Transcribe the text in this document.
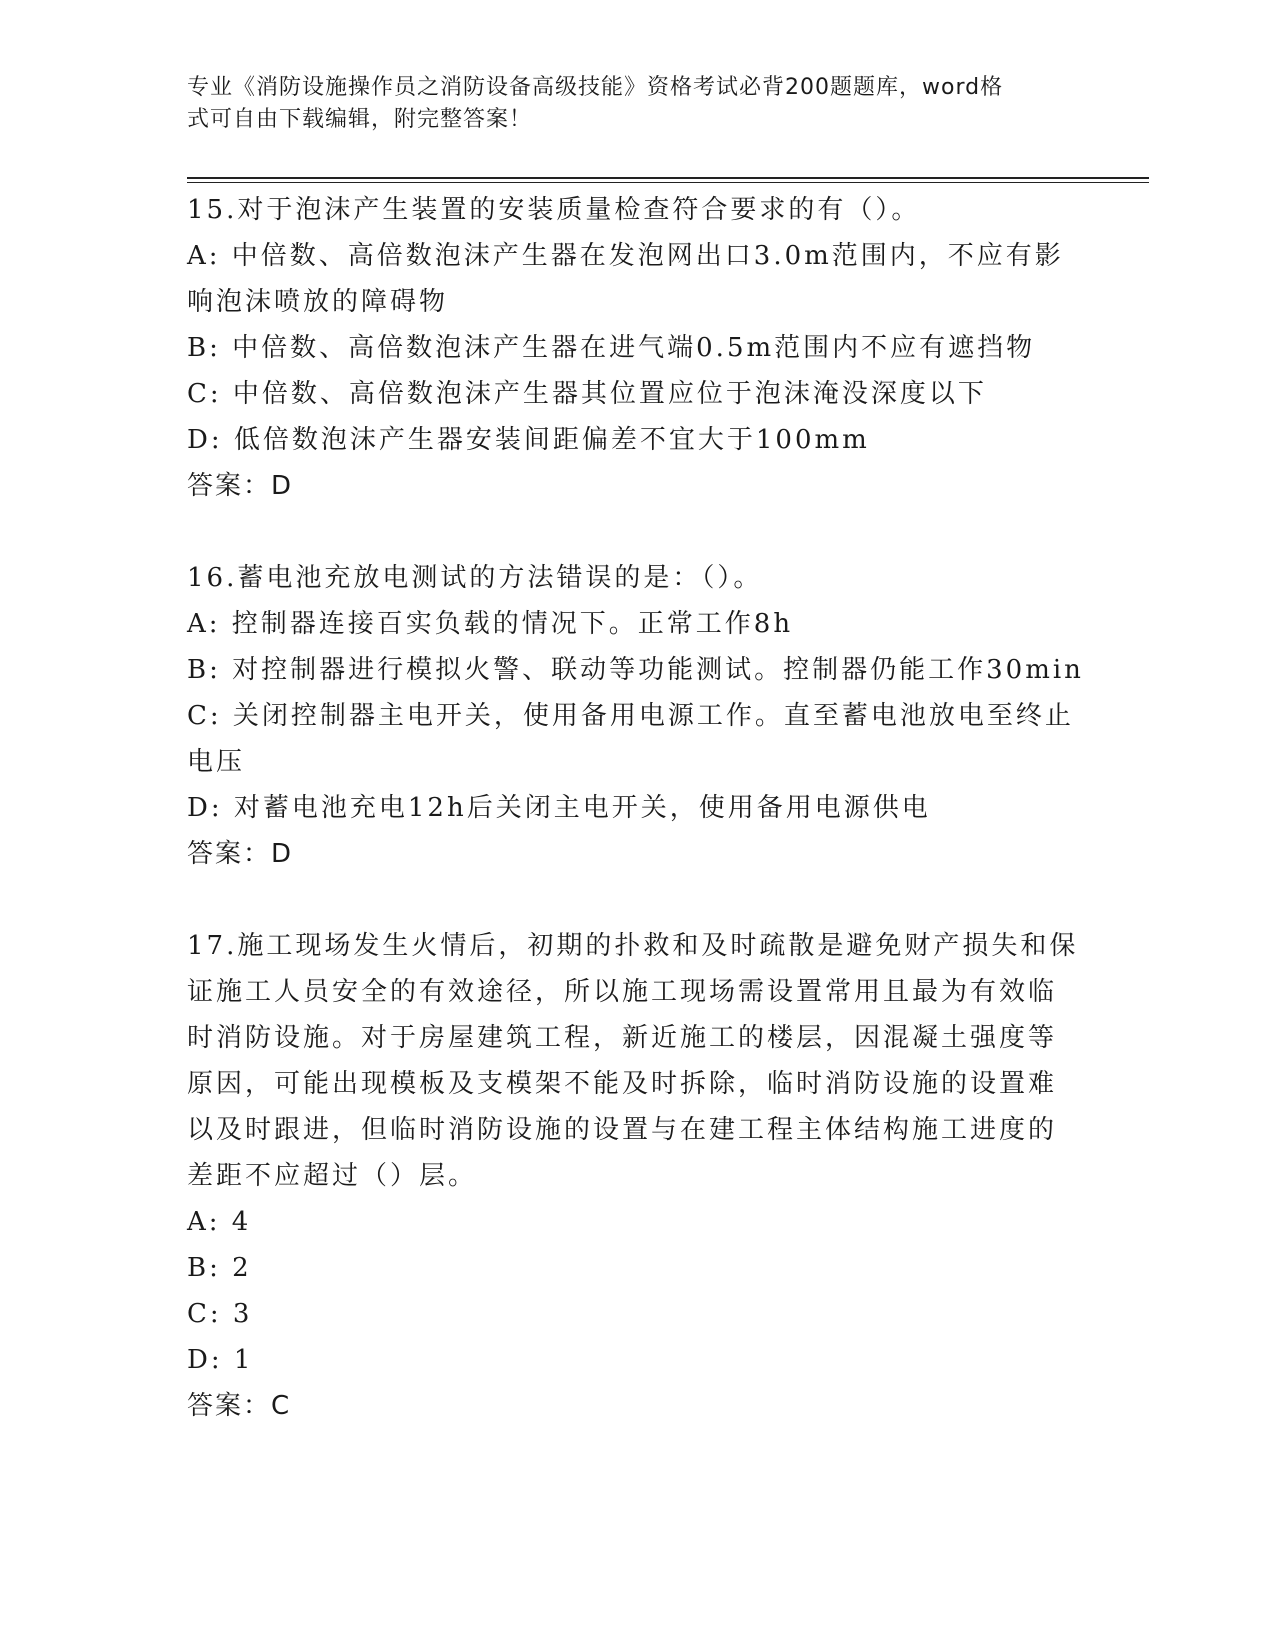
专业《消防设施操作员之消防设备高级技能》资格考试必背200题题库，word格
式可自由下载编辑，附完整答案！
15.对于泡沫产生装置的安装质量检查符合要求的有（）。
A: 中倍数、高倍数泡沫产生器在发泡网出口3.0m范围内，不应有影
响泡沫喷放的障碍物
B: 中倍数、高倍数泡沫产生器在进气端0.5m范围内不应有遮挡物
C: 中倍数、高倍数泡沫产生器其位置应位于泡沫淹没深度以下
D: 低倍数泡沫产生器安装间距偏差不宜大于100mm
答案：D
16.蓄电池充放电测试的方法错误的是：（）。
A: 控制器连接百实负载的情况下。正常工作8h
B: 对控制器进行模拟火警、联动等功能测试。控制器仍能工作30min
C: 关闭控制器主电开关，使用备用电源工作。直至蓄电池放电至终止
电压
D: 对蓄电池充电12h后关闭主电开关，使用备用电源供电
答案：D
17.施工现场发生火情后，初期的扑救和及时疏散是避免财产损失和保
证施工人员安全的有效途径，所以施工现场需设置常用且最为有效临
时消防设施。对于房屋建筑工程，新近施工的楼层，因混凝土强度等
原因，可能出现模板及支模架不能及时拆除，临时消防设施的设置难
以及时跟进，但临时消防设施的设置与在建工程主体结构施工进度的
差距不应超过（）层。
A: 4
B: 2
C: 3
D: 1
答案：C
